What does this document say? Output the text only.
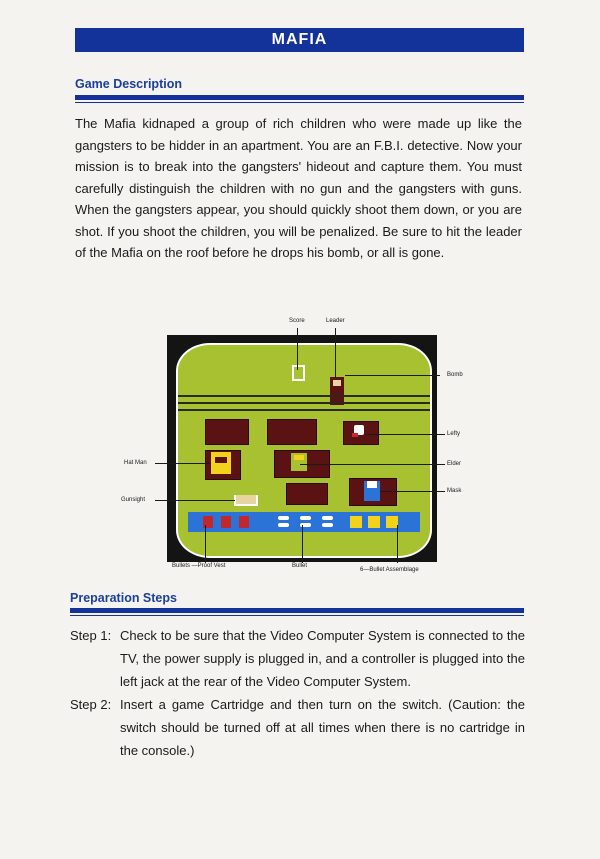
MAFIA
Game Description

The Mafia kidnaped a group of rich children who were made up like the gangsters to be hidder in an apartment. You are an F.B.I. detective. Now your mission is to break into the gangsters' hideout and capture them. You must carefully distinguish the children with no gun and the gangsters with guns. When the gangsters appear, you should quickly shoot them down, or you are shot. If you shoot the children, you will be penalized. Be sure to hit the leader of the Mafia on the roof before he drops his bomb, or all is gone.

Score	Leader
Bomb
Lefty
Hat Man	Elder
Mask
Gunsight
Bullets —Proof Vest	Bullet
6—Bullet Assemblage
Preparation Steps
Step 1: Check to be sure that the Video Computer System is connected to the TV, the power supply is plugged in, and a controller is plugged into the left jack at the rear of the Video Computer System.
Step 2: Insert a game Cartridge and then turn on the switch. (Caution: the switch should be turned off at all times when there is no cartridge in the console.)
